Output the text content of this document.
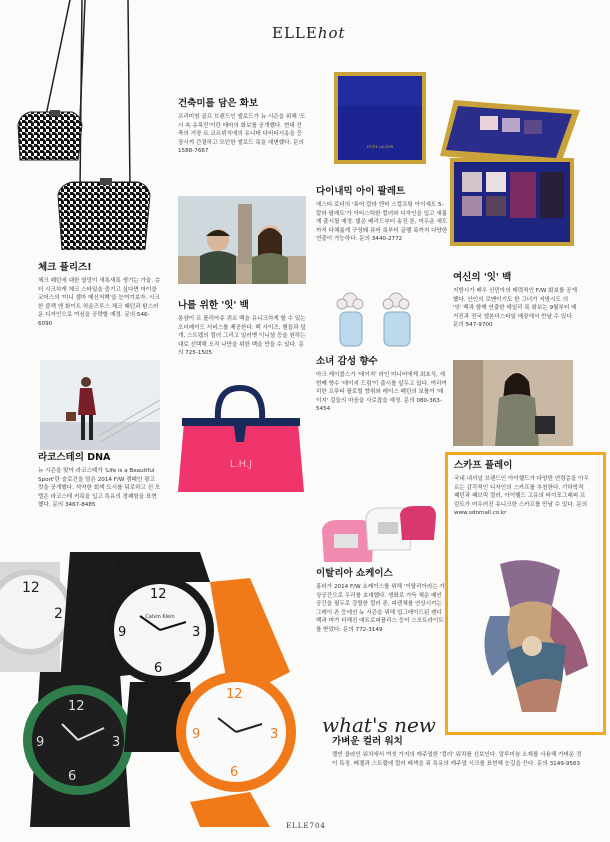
ELLEhot
체크 플리즈!
체크 패턴에 대한 열망이 새록새록 생기는 가을. 층 더 시크하게 체크 스타일을 즐기고 싶다면 마이클 코어스의 '미니 셀마 메신저백'을 눈여겨보자. 시크한 블랙 앤 화이트 하운즈투스 체크 패턴과 탐스러운 디자인으로 여심을 공략할 예정. 문의 546-6090
라코스테의 DNA
뉴 시즌을 맞아 라코스테가 'Life is a Beautiful Sport'란 슬로건을 담은 2014 F/W 캠페인 광고 컷을 공개했다. 석약한 회색 도시를 뒤로하고 선 모델은 라코스테 키룩을 입고 특유의 경쾌함을 표현했다. 문의 3467-8485
건축미를 담은 화보
프리미엄 골프 브랜드인 엘로드가 뉴 시즌을 위해 '도시 속 유목민'이란 테마의 화보를 공개했다. 현대 건축의 거장 르 코르뷔지에의 유니테 다비타시옹을 등장시켜 간결하고 모던한 엘로드 룩을 대변했다. 문의 1588-7667
나를 위한 '잇' 백
롱샴이 르 플리아쥬 퀴르 백을 유니크하게 할 수 있는 오더메이드 서비스를 제공한다. 백 사이즈, 핸들과 덮개, 스트랩의 컬러 그리고 일러벳 이니셜 등을 원하는 대로 선택해 오직 나만을 위한 백을 만들 수 있다. 문의 725-1505
L.H.J
ESTÉE LAUDER
다이내믹 아이 팔레트
에스티 로더의 '퓨어 칼라 엔비 스컬프팅 아이섀도 5-칼라 팔레트'가 아티스틱한 컬러와 디자인을 입고 새롭게 출시될 예정. 빛은 베리드부터 송진 톤, 어두운 섀도까지 다채롭게 구성돼 퓨어 룩부터 글램 룩까지 다양한 연출이 가능하다. 문의 3440-2772
소녀 감성 향수
마크 제이콥스가 '데이지' 라인 미니어에게 최초식, 세 번째 향수 '데이지 드림'이 출시를 앞두고 있다. 여리여리한 프루티 플로럴 향취와 레이스 패턴의 보틀이 '데이지' 걸들의 마음을 사로잡을 예정. 문의 080-363-5454
이탈리아 쇼케이스
홍라가 2014 F/W 쇼케이스를 위해 '이탈리아라는 가상공간으로 우리를 초대했다. 생화로 가득 채운 메인 공간을 필두로 강렬한 컬러 존, 피렌체를 연상시키는 그레이 존 등에선 뉴 시즌을 위해 업그레이드된 캔디 백과 머가 더해진 애트로퍼플리스 등이 스포트라이트를 받았다. 문의 772-3149
여신의 '잇' 백
지방시가 배우 신민아의 매력적인 F/W 화보를 공개했다. 안인의 로맨이기도 한 그녀가 지방시도 의 '잇' 백과 함께 연출한 데일리 룩 화보는 9월부터 매거진과 전국 엘본더스타일 매장에서 만날 수 있다. 문의 547-9700
스카프 플레이
국내 내셔널 브랜드인 아이헬드가 다양한 연령층을 아우르는 감각적인 디자인의 스카프를 추천한다. 기하학적 패턴과 패브릭 컬러, 아이헬드 고유의 타이포그래피 프린트가 어우러진 유니크한 스카프를 만날 수 있다. 문의 www.sdnmall.co.kr
12
2
12
3
6
9
12
3
6
9
Calvin Klein
12
3
6
9	what's new
가벼운 컬러 워치
캘빈 클라인 워치에서 여섯 가지의 캐주얼한 '컬러' 워치를 선보인다. 알루미늄 소재를 사용해 가벼운 것이 특징. 베젤과 스트랩에 컬러 배색을 줘 특유의 캐주얼 시크를 표현해 눈길을 끈다. 문의 3149-9563
ELLE704
